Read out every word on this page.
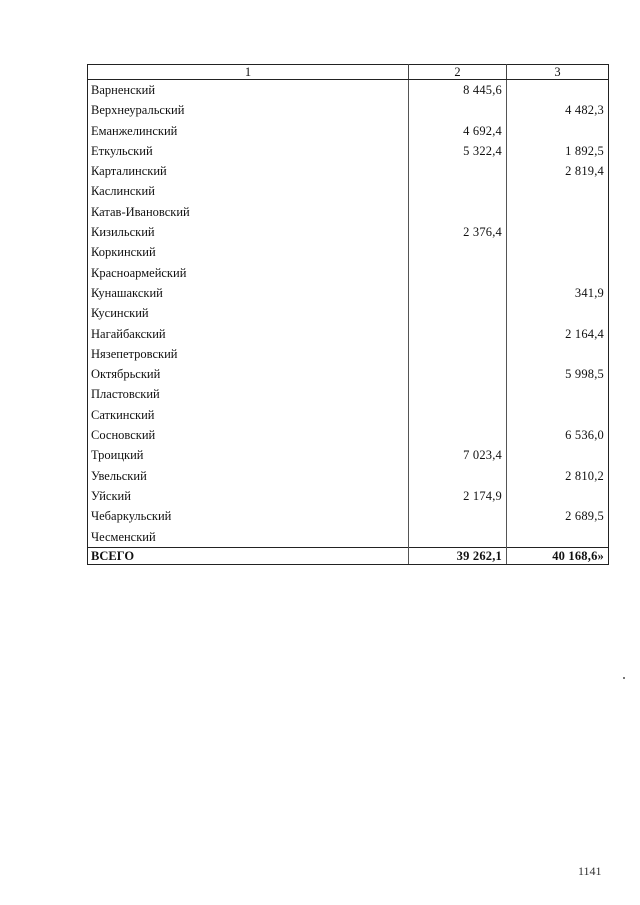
1	2	3
Варненский	8 445,6	
Верхнеуральский		4 482,3
Еманжелинский	4 692,4	
Еткульский	5 322,4	1 892,5
Карталинский		2 819,4
Каслинский		
Катав-Ивановский		
Кизильский	2 376,4	
Коркинский		
Красноармейский		
Кунашакский		341,9
Кусинский		
Нагайбакский		2 164,4
Нязепетровский		
Октябрьский		5 998,5
Пластовский		
Саткинский		
Сосновский		6 536,0
Троицкий	7 023,4	
Увельский		2 810,2
Уйский	2 174,9	
Чебаркульский		2 689,5
Чесменский		
ВСЕГО	39 262,1	40 168,6»
1141
